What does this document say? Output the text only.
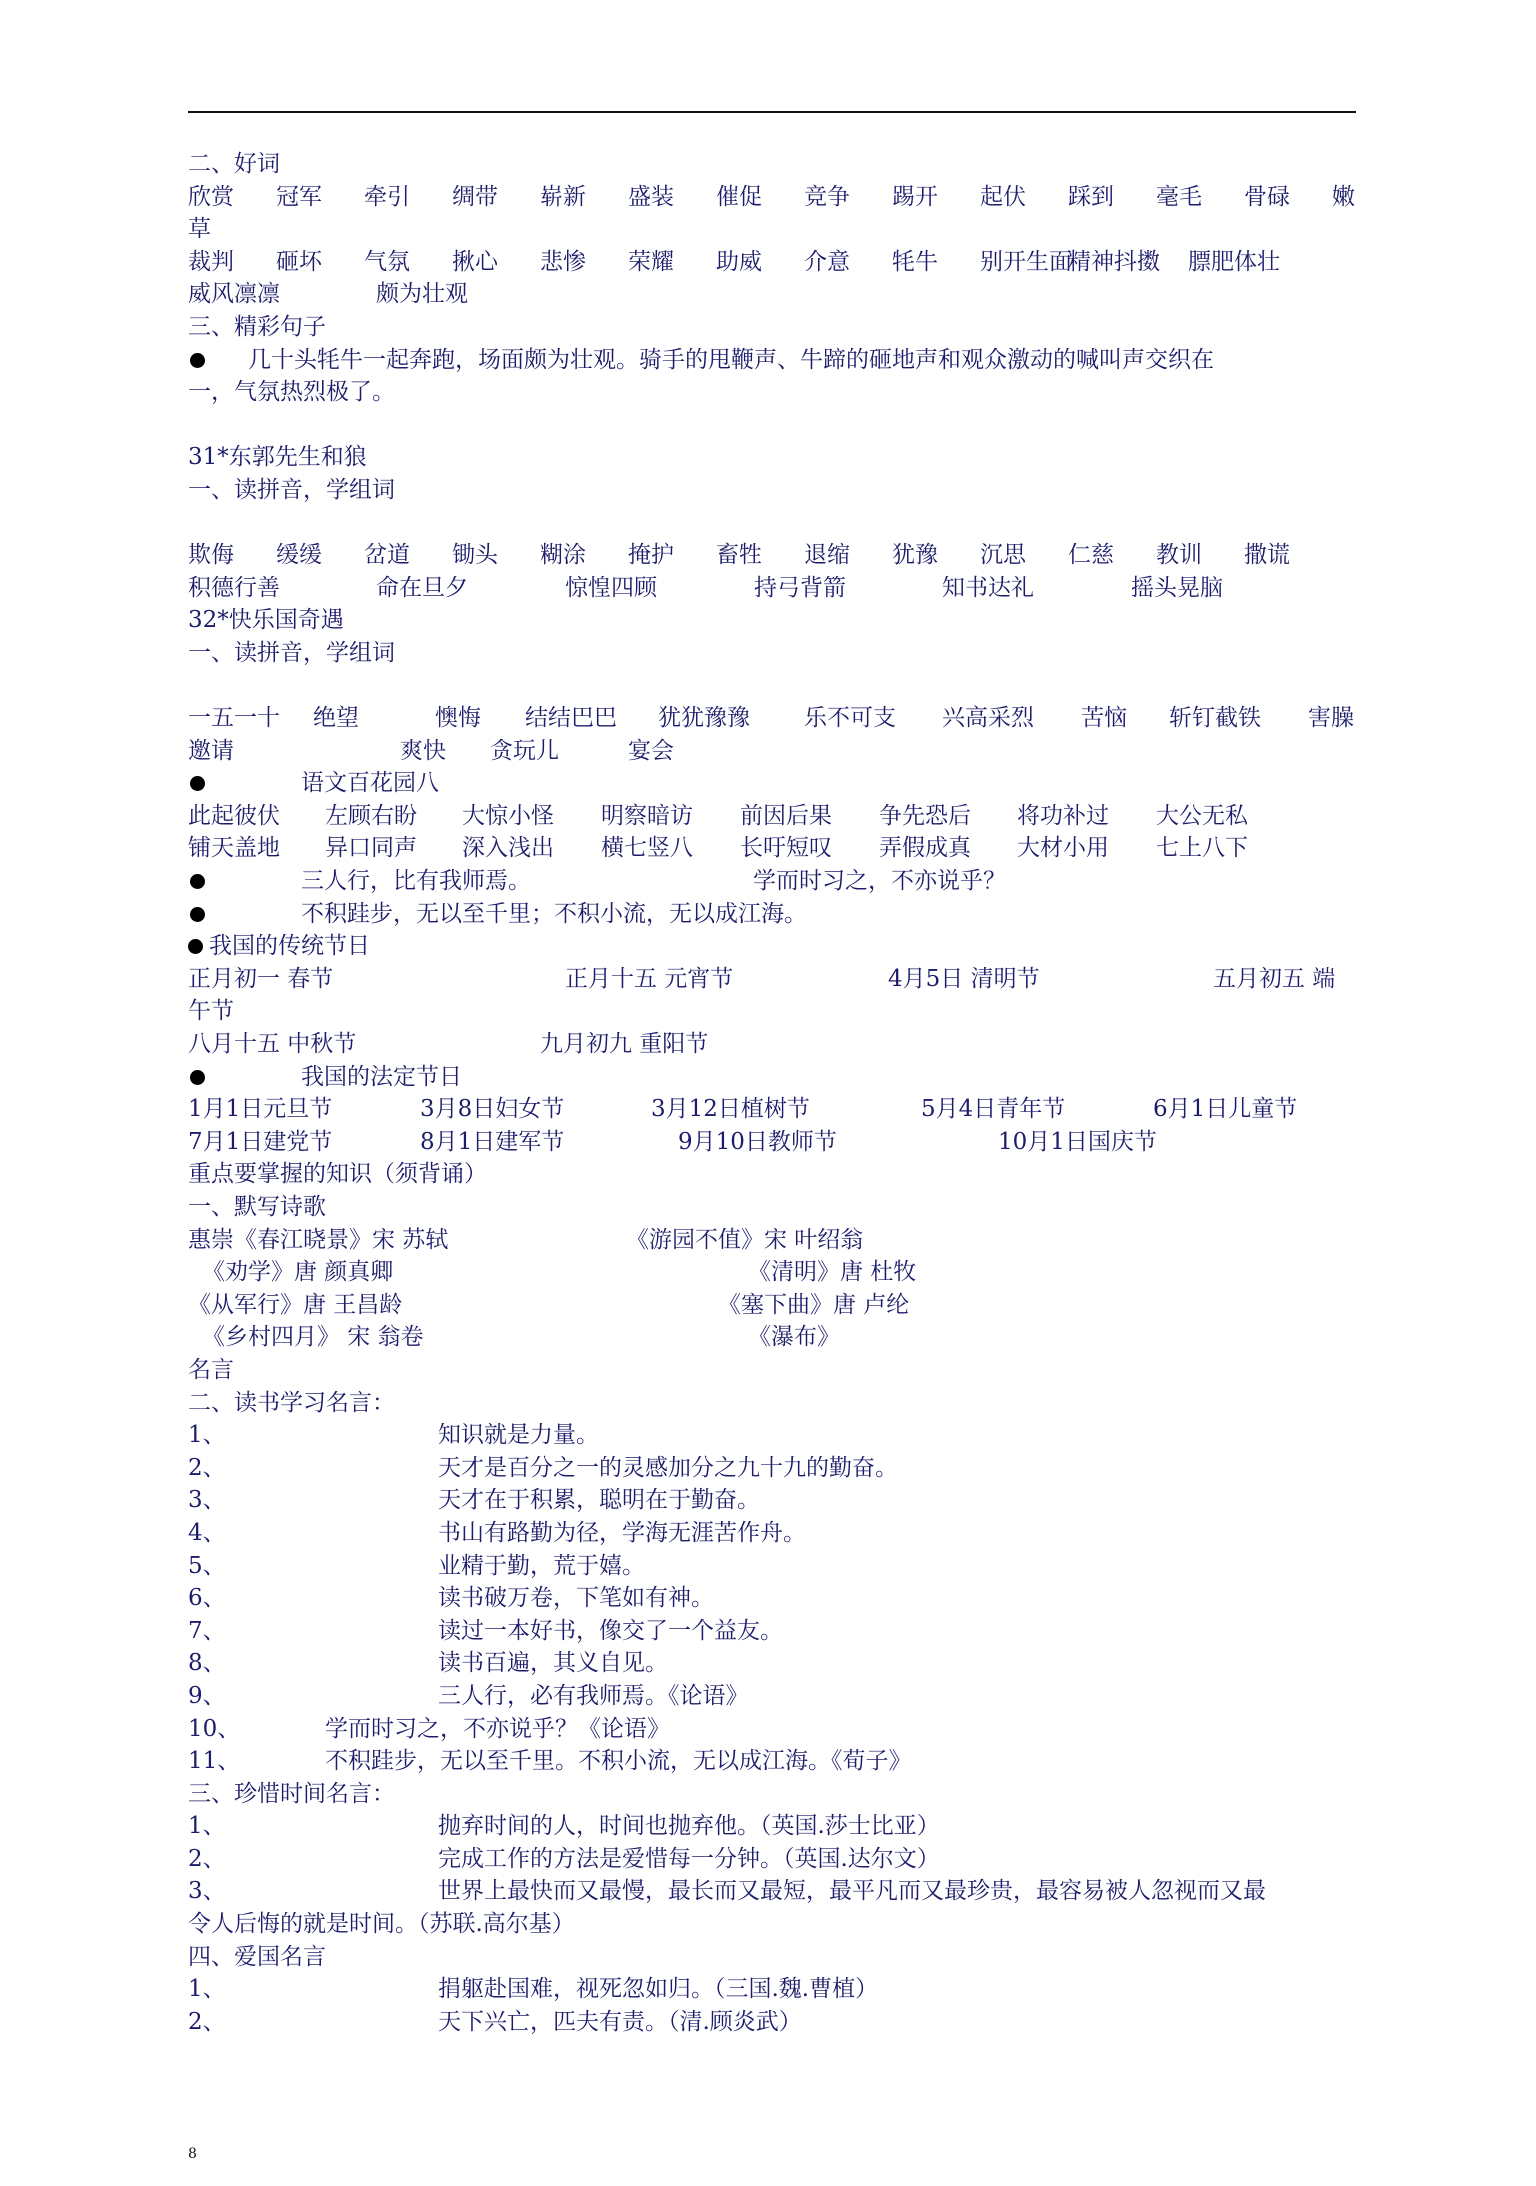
二、好词
欣赏 冠军 牵引 绸带 崭新 盛装 催促 竞争 踢开 起伏 踩到 毫毛 骨碌 嫩
草
裁判 砸坏 气氛 揪心 悲惨 荣耀 助威 介意 牦牛 别开生面
精神抖擞 膘肥体壮
威风凛凛	颇为壮观
三、精彩句子
几十头牦牛一起奔跑，场面颇为壮观。骑手的甩鞭声、牛蹄的砸地声和观众激动的喊叫声交织在
一，气氛热烈极了。
31*东郭先生和狼
一、读拼音，学组词
欺侮 缓缓 岔道 锄头 糊涂 掩护 畜牲 退缩 犹豫 沉思 仁慈 教训 撒谎
积德行善	命在旦夕	惊惶四顾	持弓背箭	知书达礼	摇头晃脑
32*快乐国奇遇
一、读拼音，学组词
一五一十 绝望	懊悔 结结巴巴 犹犹豫豫 乐不可支 兴高采烈 苦恼 斩钉截铁 害臊
邀请	爽快 贪玩儿	宴会
语文百花园八
此起彼伏 左顾右盼 大惊小怪 明察暗访 前因后果 争先恐后 将功补过 大公无私
铺天盖地 异口同声 深入浅出 横七竖八 长吁短叹 弄假成真 大材小用 七上八下
三人行，比有我师焉。	学而时习之，不亦说乎？
不积跬步，无以至千里；不积小流，无以成江海。
我国的传统节日
正月初一 春节	正月十五 元宵节	4月5日 清明节	五月初五 端
午节
八月十五 中秋节	九月初九 重阳节
我国的法定节日
1月1日元旦节	3月8日妇女节	3月12日植树节	5月4日青年节	6月1日儿童节
7月1日建党节	8月1日建军节	9月10日教师节	10月1日国庆节
重点要掌握的知识（须背诵）
一、默写诗歌
惠崇《春江晓景》宋 苏轼	《游园不值》宋 叶绍翁
《劝学》唐 颜真卿	《清明》唐 杜牧
《从军行》唐 王昌龄	《塞下曲》唐 卢纶
《乡村四月》 宋 翁卷	《瀑布》
名言
二、读书学习名言：
1、	知识就是力量。
2、	天才是百分之一的灵感加分之九十九的勤奋。
3、	天才在于积累，聪明在于勤奋。
4、	书山有路勤为径，学海无涯苦作舟。
5、	业精于勤，荒于嬉。
6、	读书破万卷，下笔如有神。
7、	读过一本好书，像交了一个益友。
8、	读书百遍，其义自见。
9、	三人行，必有我师焉。《论语》
10、	学而时习之，不亦说乎？《论语》
11、	不积跬步，无以至千里。不积小流，无以成江海。《荀子》
三、珍惜时间名言：
1、	抛弃时间的人，时间也抛弃他。（英国.莎士比亚）
2、	完成工作的方法是爱惜每一分钟。（英国.达尔文）
3、	世界上最快而又最慢，最长而又最短，最平凡而又最珍贵，最容易被人忽视而又最
令人后悔的就是时间。（苏联.高尔基）
四、爱国名言
1、	捐躯赴国难，视死忽如归。（三国.魏.曹植）
2、	天下兴亡，匹夫有责。（清.顾炎武）
8
